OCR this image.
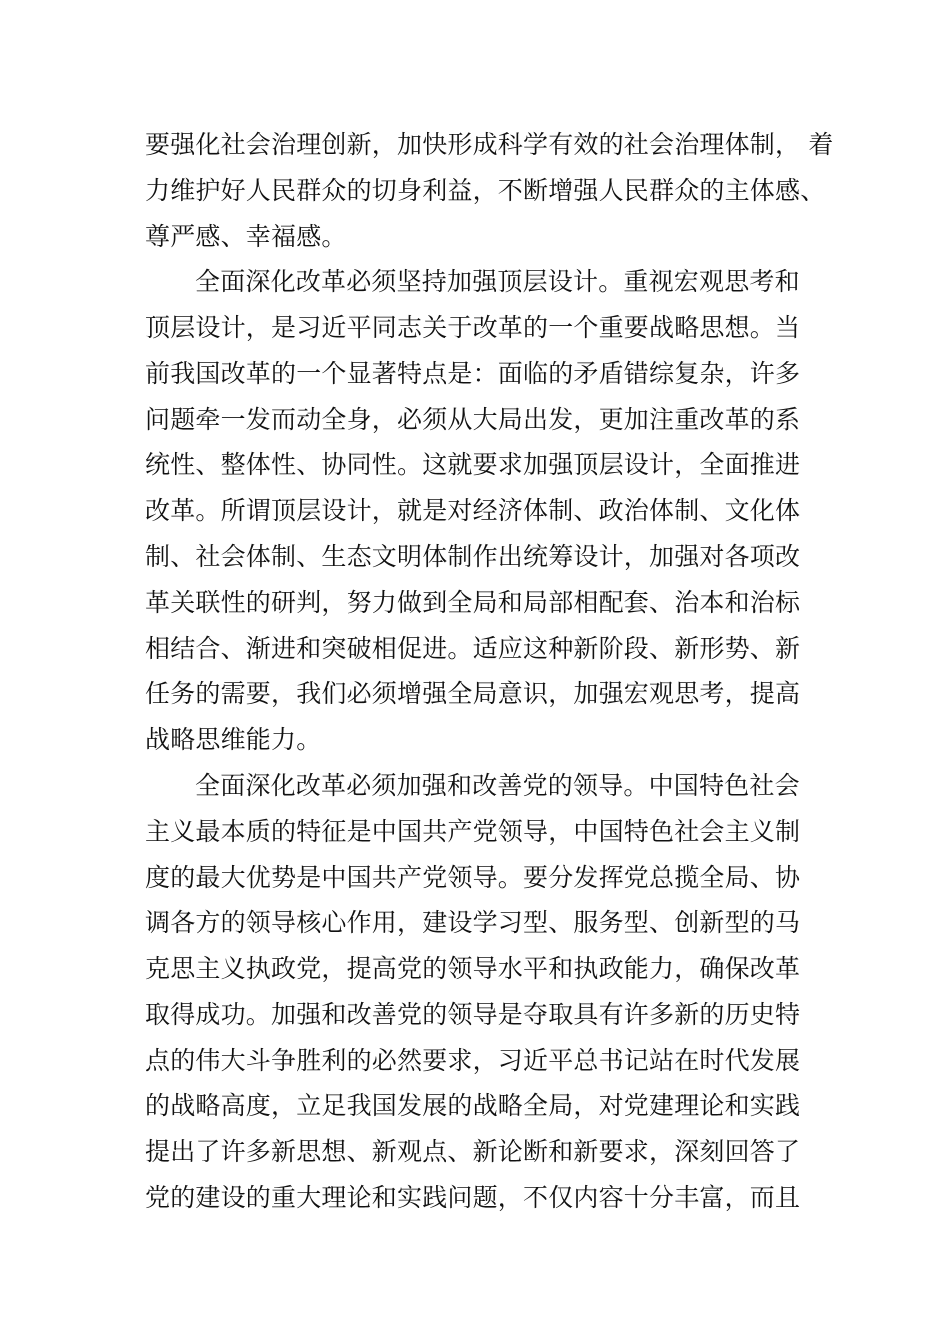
要强化社会治理创新，加快形成科学有效的社会治理体制， 着
力维护好人民群众的切身利益，不断增强人民群众的主体感、
尊严感、幸福感。
全面深化改革必须坚持加强顶层设计。重视宏观思考和
顶层设计，是习近平同志关于改革的一个重要战略思想。当
前我国改革的一个显著特点是：面临的矛盾错综复杂，许多
问题牵一发而动全身，必须从大局出发，更加注重改革的系
统性、整体性、协同性。这就要求加强顶层设计，全面推进
改革。所谓顶层设计，就是对经济体制、政治体制、文化体
制、社会体制、生态文明体制作出统筹设计，加强对各项改
革关联性的研判，努力做到全局和局部相配套、治本和治标
相结合、渐进和突破相促进。适应这种新阶段、新形势、新
任务的需要，我们必须增强全局意识，加强宏观思考，提高
战略思维能力。
全面深化改革必须加强和改善党的领导。中国特色社会
主义最本质的特征是中国共产党领导，中国特色社会主义制
度的最大优势是中国共产党领导。要分发挥党总揽全局、协
调各方的领导核心作用，建设学习型、服务型、创新型的马
克思主义执政党，提高党的领导水平和执政能力，确保改革
取得成功。加强和改善党的领导是夺取具有许多新的历史特
点的伟大斗争胜利的必然要求，习近平总书记站在时代发展
的战略高度，立足我国发展的战略全局，对党建理论和实践
提出了许多新思想、新观点、新论断和新要求，深刻回答了
党的建设的重大理论和实践问题，不仅内容十分丰富，而且
